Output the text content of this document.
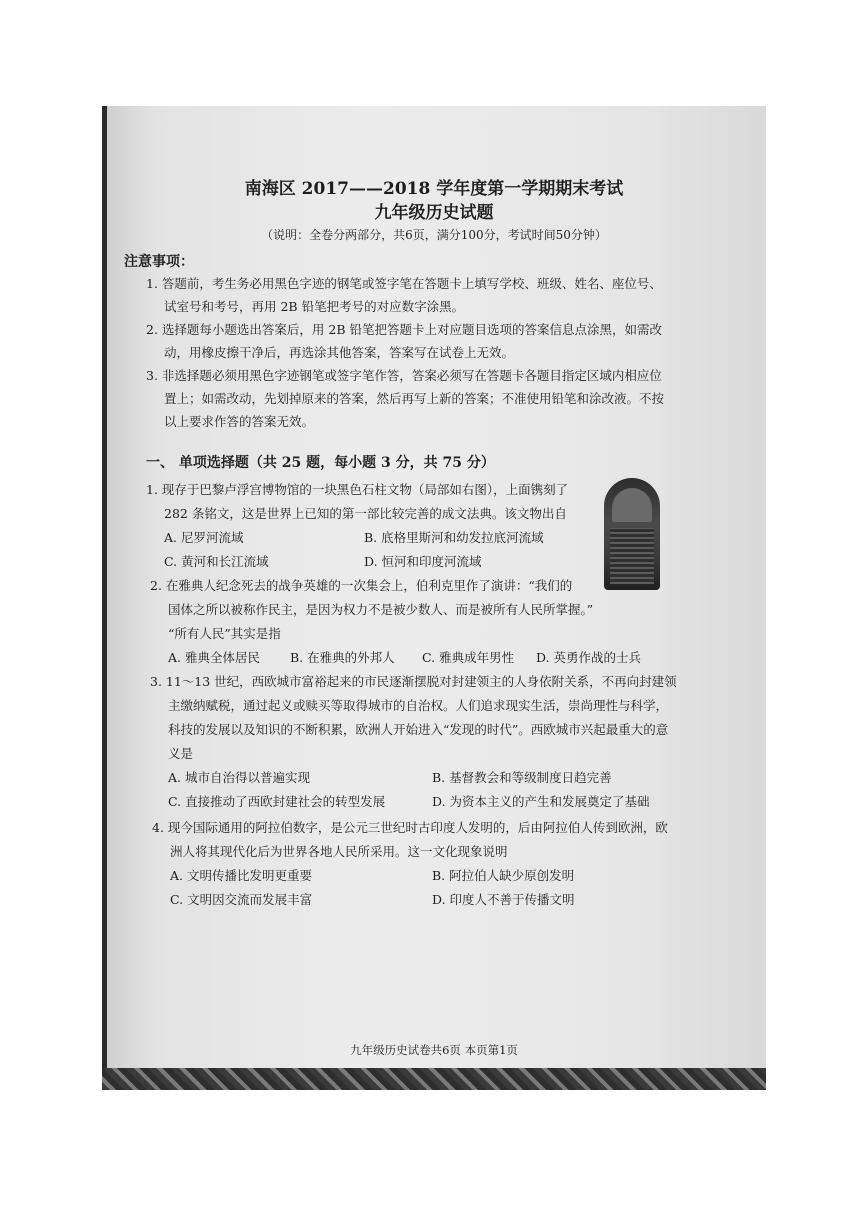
南海区 2017——2018 学年度第一学期期末考试
九年级历史试题
（说明：全卷分两部分，共6页，满分100分，考试时间50分钟）
注意事项：
1. 答题前，考生务必用黑色字迹的钢笔或签字笔在答题卡上填写学校、班级、姓名、座位号、
试室号和考号，再用 2B 铅笔把考号的对应数字涂黑。
2. 选择题每小题选出答案后，用 2B 铅笔把答题卡上对应题目选项的答案信息点涂黑，如需改
动，用橡皮擦干净后，再选涂其他答案，答案写在试卷上无效。
3. 非选择题必须用黑色字迹钢笔或签字笔作答，答案必须写在答题卡各题目指定区域内相应位
置上；如需改动，先划掉原来的答案，然后再写上新的答案；不准使用铅笔和涂改液。不按
以上要求作答的答案无效。
一、 单项选择题（共 25 题，每小题 3 分，共 75 分）
1. 现存于巴黎卢浮宫博物馆的一块黑色石柱文物（局部如右图），上面镌刻了
282 条铭文，这是世界上已知的第一部比较完善的成文法典。该文物出自
A. 尼罗河流域	B. 底格里斯河和幼发拉底河流域
C. 黄河和长江流域	D. 恒河和印度河流域
2. 在雅典人纪念死去的战争英雄的一次集会上，伯利克里作了演讲：“我们的
国体之所以被称作民主，是因为权力不是被少数人、而是被所有人民所掌握。”
“所有人民”其实是指
A. 雅典全体居民 B. 在雅典的外邦人 C. 雅典成年男性 D. 英勇作战的士兵
3. 11～13 世纪，西欧城市富裕起来的市民逐渐摆脱对封建领主的人身依附关系，不再向封建领
主缴纳赋税，通过起义或赎买等取得城市的自治权。人们追求现实生活，崇尚理性与科学，
科技的发展以及知识的不断积累，欧洲人开始进入“发现的时代”。西欧城市兴起最重大的意
义是
A. 城市自治得以普遍实现	B. 基督教会和等级制度日趋完善
C. 直接推动了西欧封建社会的转型发展	D. 为资本主义的产生和发展奠定了基础
4. 现今国际通用的阿拉伯数字，是公元三世纪时古印度人发明的，后由阿拉伯人传到欧洲，欧
洲人将其现代化后为世界各地人民所采用。这一文化现象说明
A. 文明传播比发明更重要	B. 阿拉伯人缺少原创发明
C. 文明因交流而发展丰富	D. 印度人不善于传播文明
九年级历史试卷共6页 本页第1页
